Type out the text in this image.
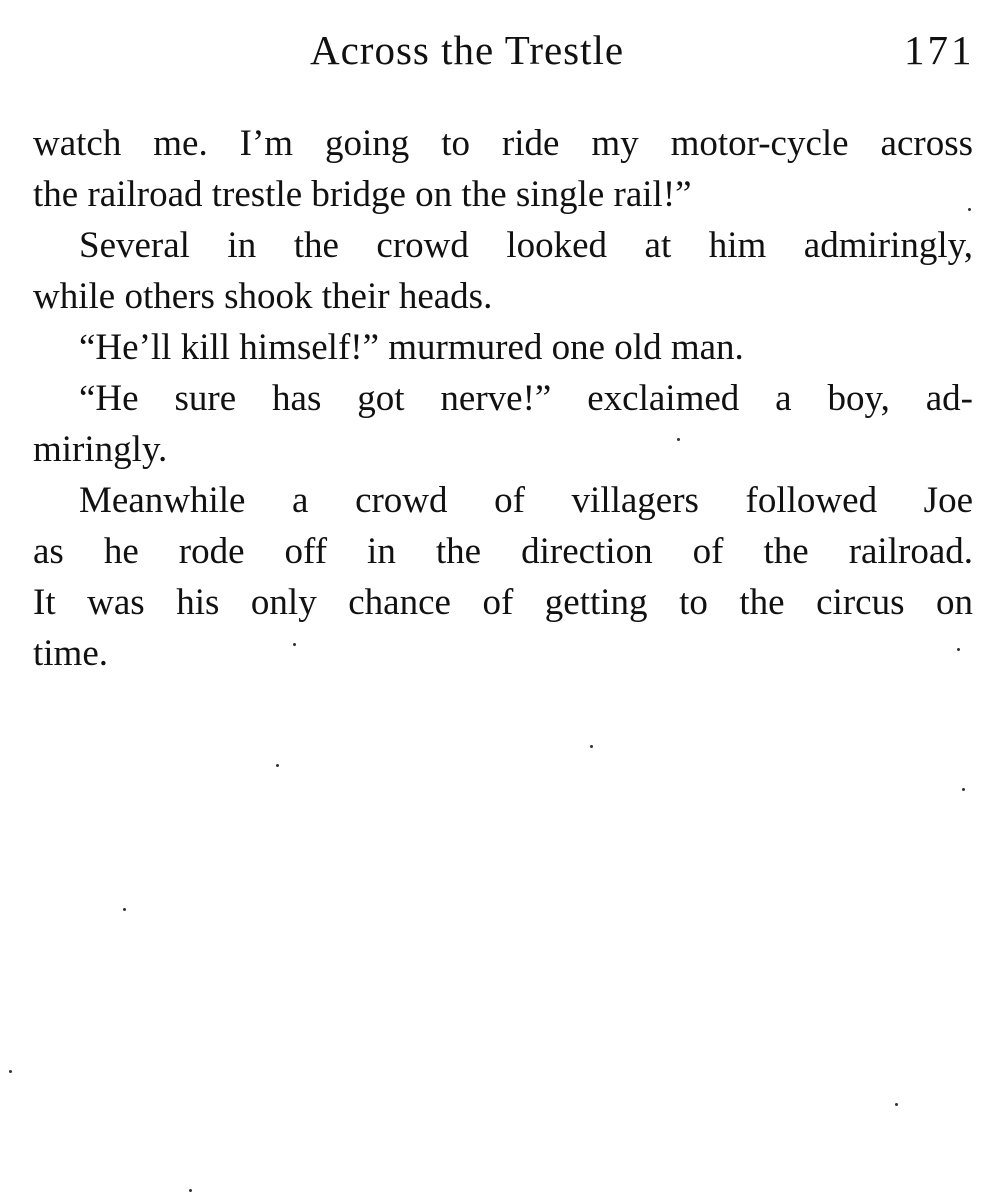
Across the Trestle	171
watch me. I’m going to ride my motor-cycle across
the railroad trestle bridge on the single rail!”
Several in the crowd looked at him admiringly,
while others shook their heads.
“He’ll kill himself!” murmured one old man.
“He sure has got nerve!” exclaimed a boy, ad-
miringly.
Meanwhile a crowd of villagers followed Joe
as he rode off in the direction of the railroad.
It was his only chance of getting to the circus on
time.
